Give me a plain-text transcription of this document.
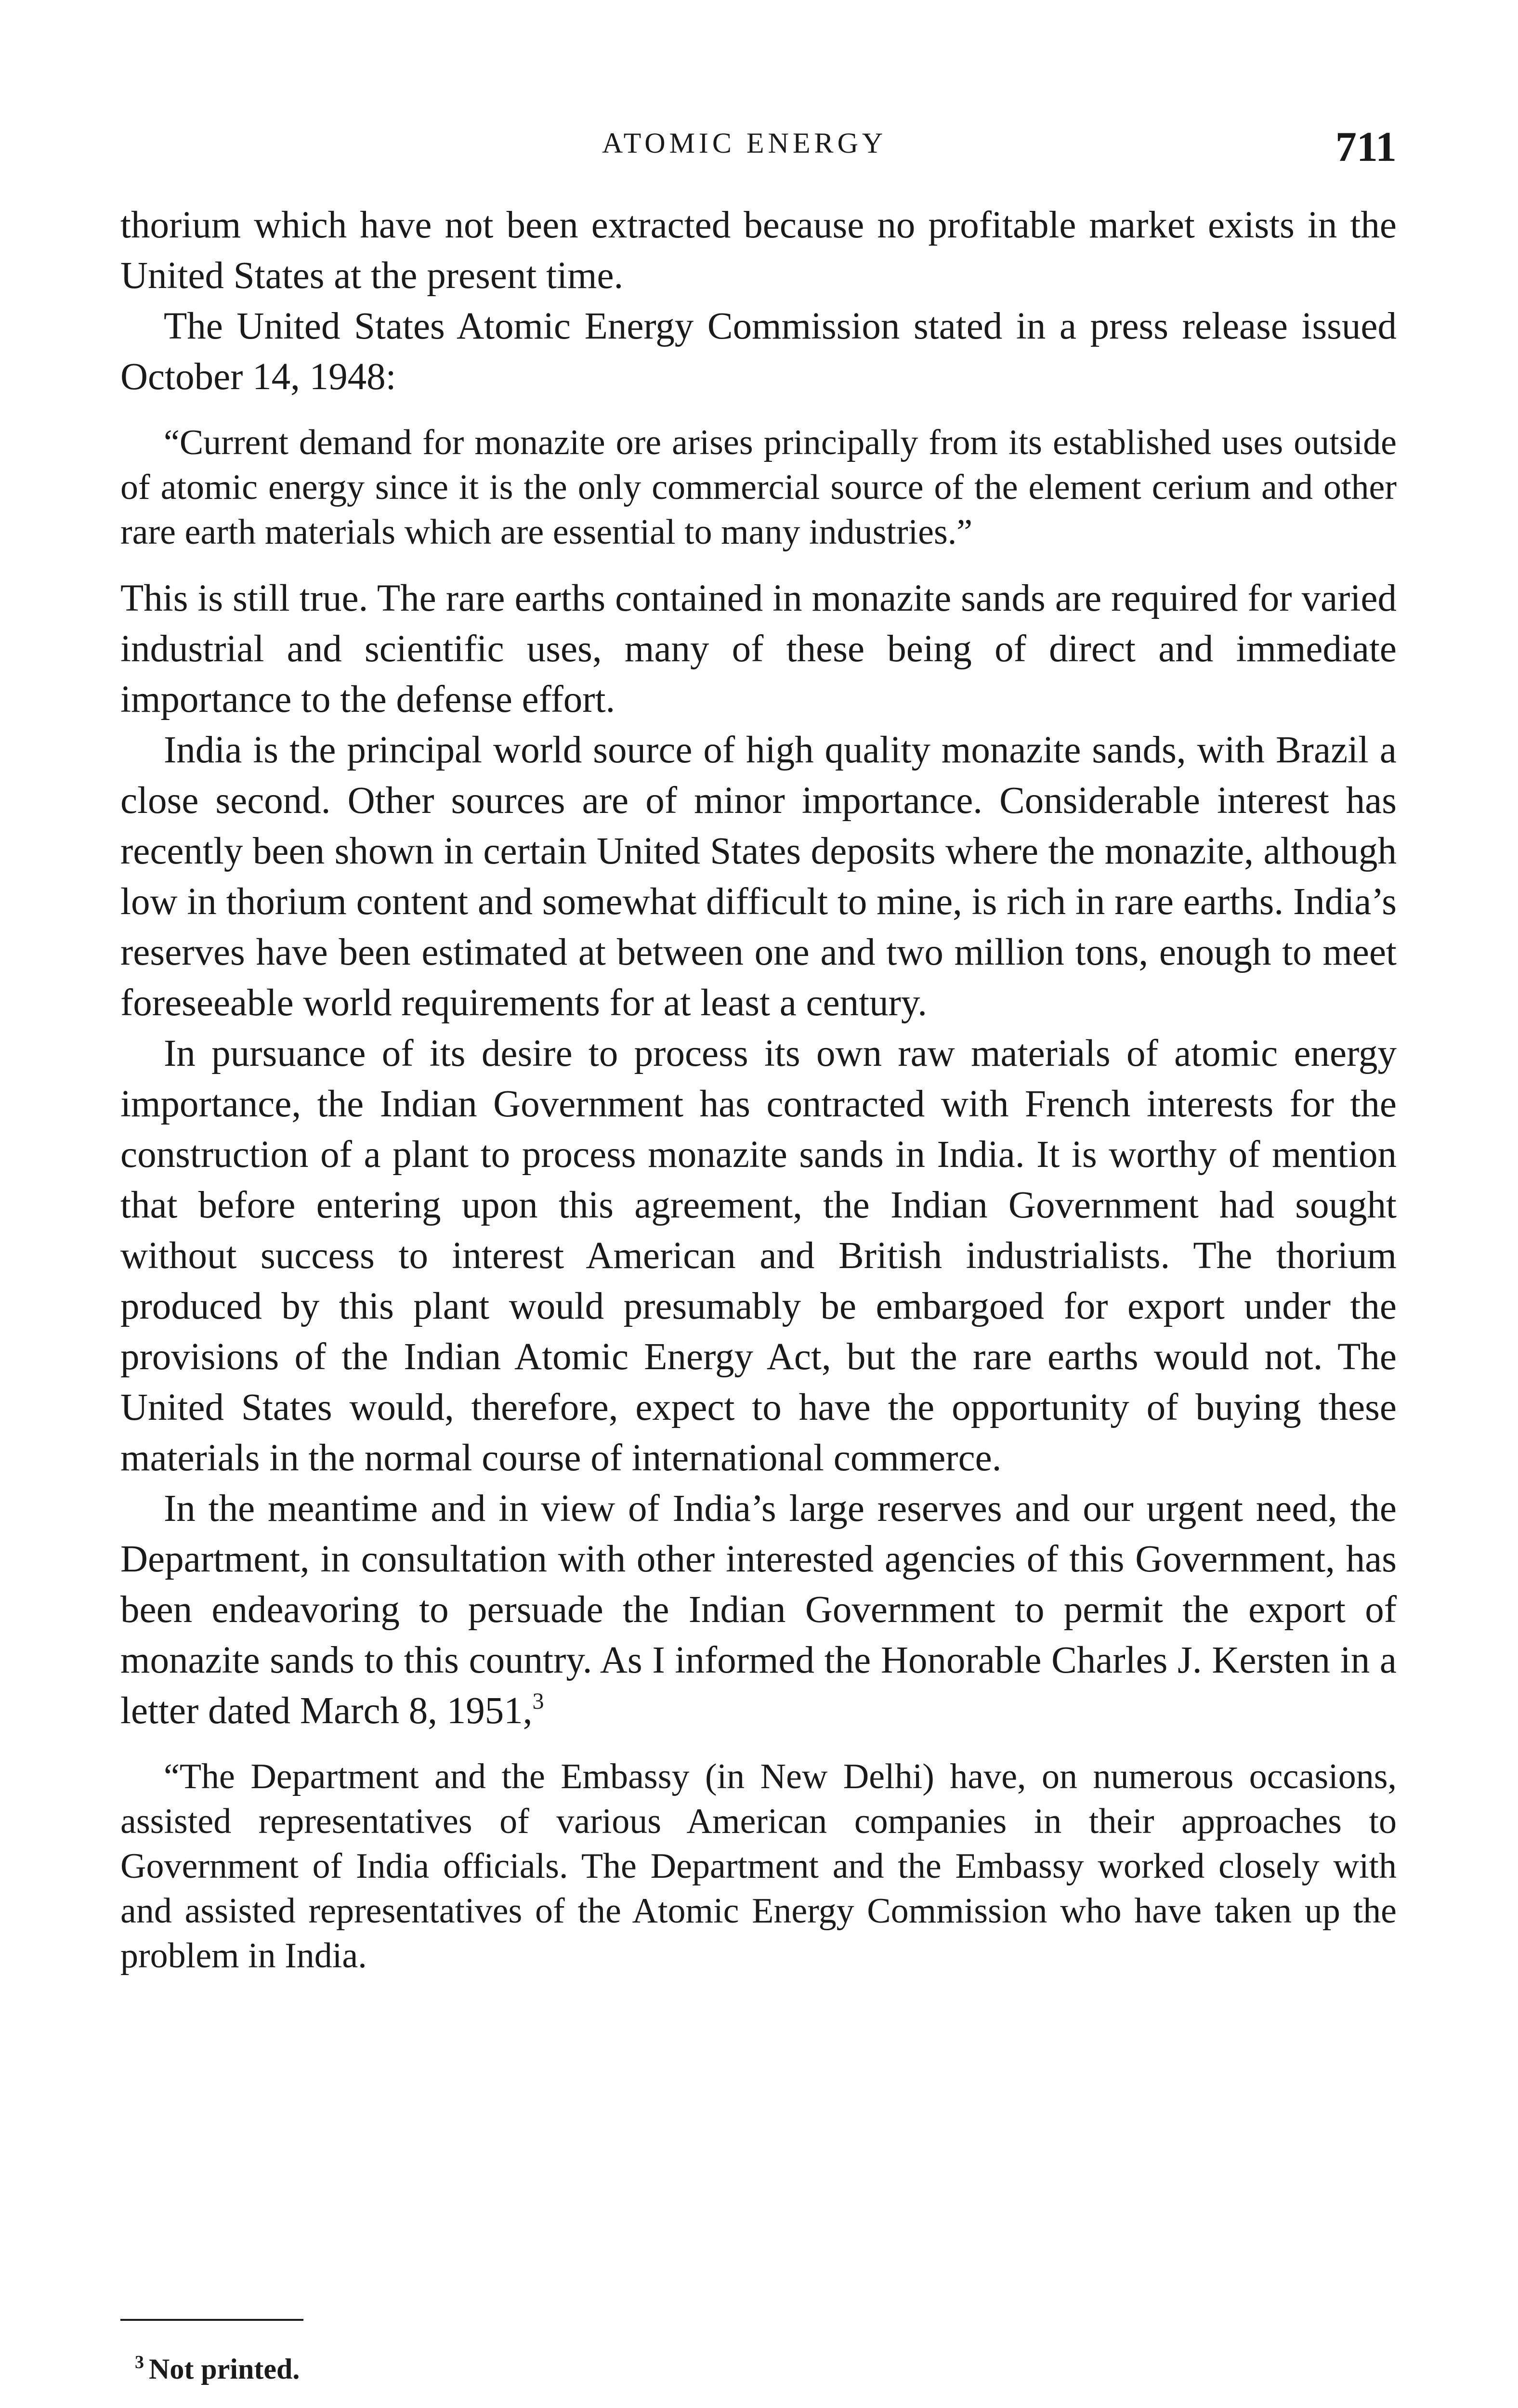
ATOMIC ENERGY	711

thorium which have not been extracted because no profitable market exists in the United States at the present time.

The United States Atomic Energy Commission stated in a press release issued October 14, 1948:

“Current demand for monazite ore arises principally from its established uses outside of atomic energy since it is the only commercial source of the element cerium and other rare earth materials which are essential to many industries.”

This is still true. The rare earths contained in monazite sands are required for varied industrial and scientific uses, many of these being of direct and immediate importance to the defense effort.

India is the principal world source of high quality monazite sands, with Brazil a close second. Other sources are of minor importance. Considerable interest has recently been shown in certain United States deposits where the monazite, although low in thorium content and somewhat difficult to mine, is rich in rare earths. India’s reserves have been estimated at between one and two million tons, enough to meet foreseeable world requirements for at least a century.

In pursuance of its desire to process its own raw materials of atomic energy importance, the Indian Government has contracted with French interests for the construction of a plant to process monazite sands in India. It is worthy of mention that before entering upon this agreement, the Indian Government had sought without success to interest American and British industrialists. The thorium produced by this plant would presumably be embargoed for export under the provisions of the Indian Atomic Energy Act, but the rare earths would not. The United States would, therefore, expect to have the opportunity of buying these materials in the normal course of international commerce.

In the meantime and in view of India’s large reserves and our urgent need, the Department, in consultation with other interested agencies of this Government, has been endeavoring to persuade the Indian Government to permit the export of monazite sands to this country. As I informed the Honorable Charles J. Kersten in a letter dated March 8, 1951,$^3$

“The Department and the Embassy (in New Delhi) have, on numerous occasions, assisted representatives of various American companies in their approaches to Government of India officials. The Department and the Embassy worked closely with and assisted representatives of the Atomic Energy Commission who have taken up the problem in India.

$^3$ Not printed.
